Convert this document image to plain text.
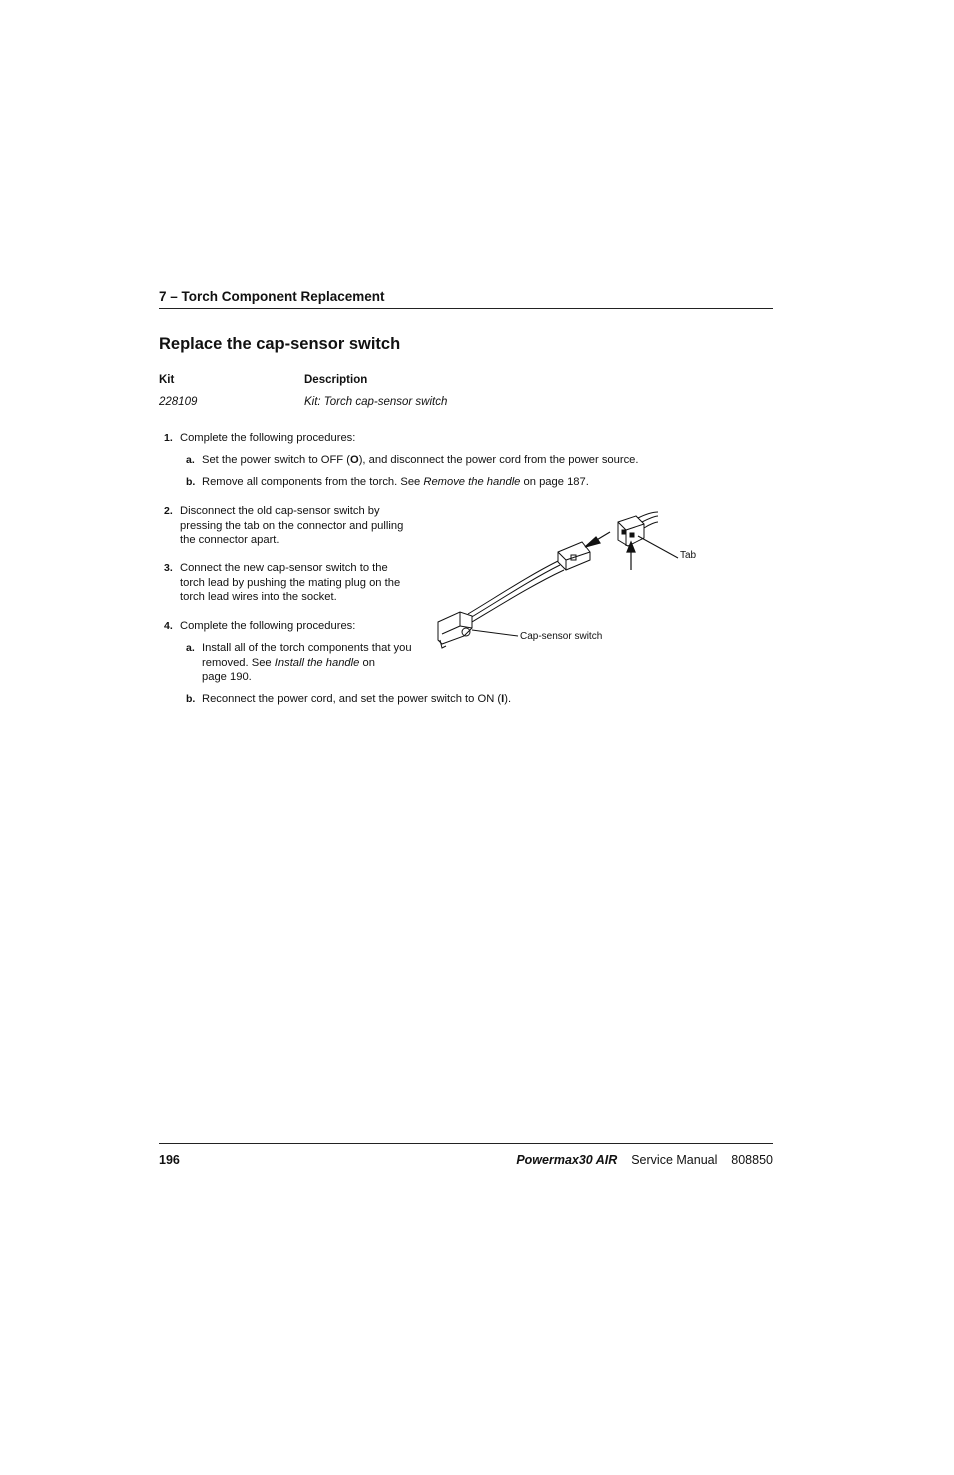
7 – Torch Component Replacement
Replace the cap-sensor switch
Kit	Description
228109	Kit: Torch cap-sensor switch
1. Complete the following procedures:
a. Set the power switch to OFF (O), and disconnect the power cord from the power source.
b. Remove all components from the torch. See Remove the handle on page 187.
2. Disconnect the old cap-sensor switch by
pressing the tab on the connector and pulling
the connector apart.
3. Connect the new cap-sensor switch to the
torch lead by pushing the mating plug on the
torch lead wires into the socket.
4. Complete the following procedures:
a. Install all of the torch components that you
removed. See Install the handle on
page 190.
b. Reconnect the power cord, and set the power switch to ON (I).
Tab
Cap-sensor switch
196	Powermax30 AIR Service Manual 808850
